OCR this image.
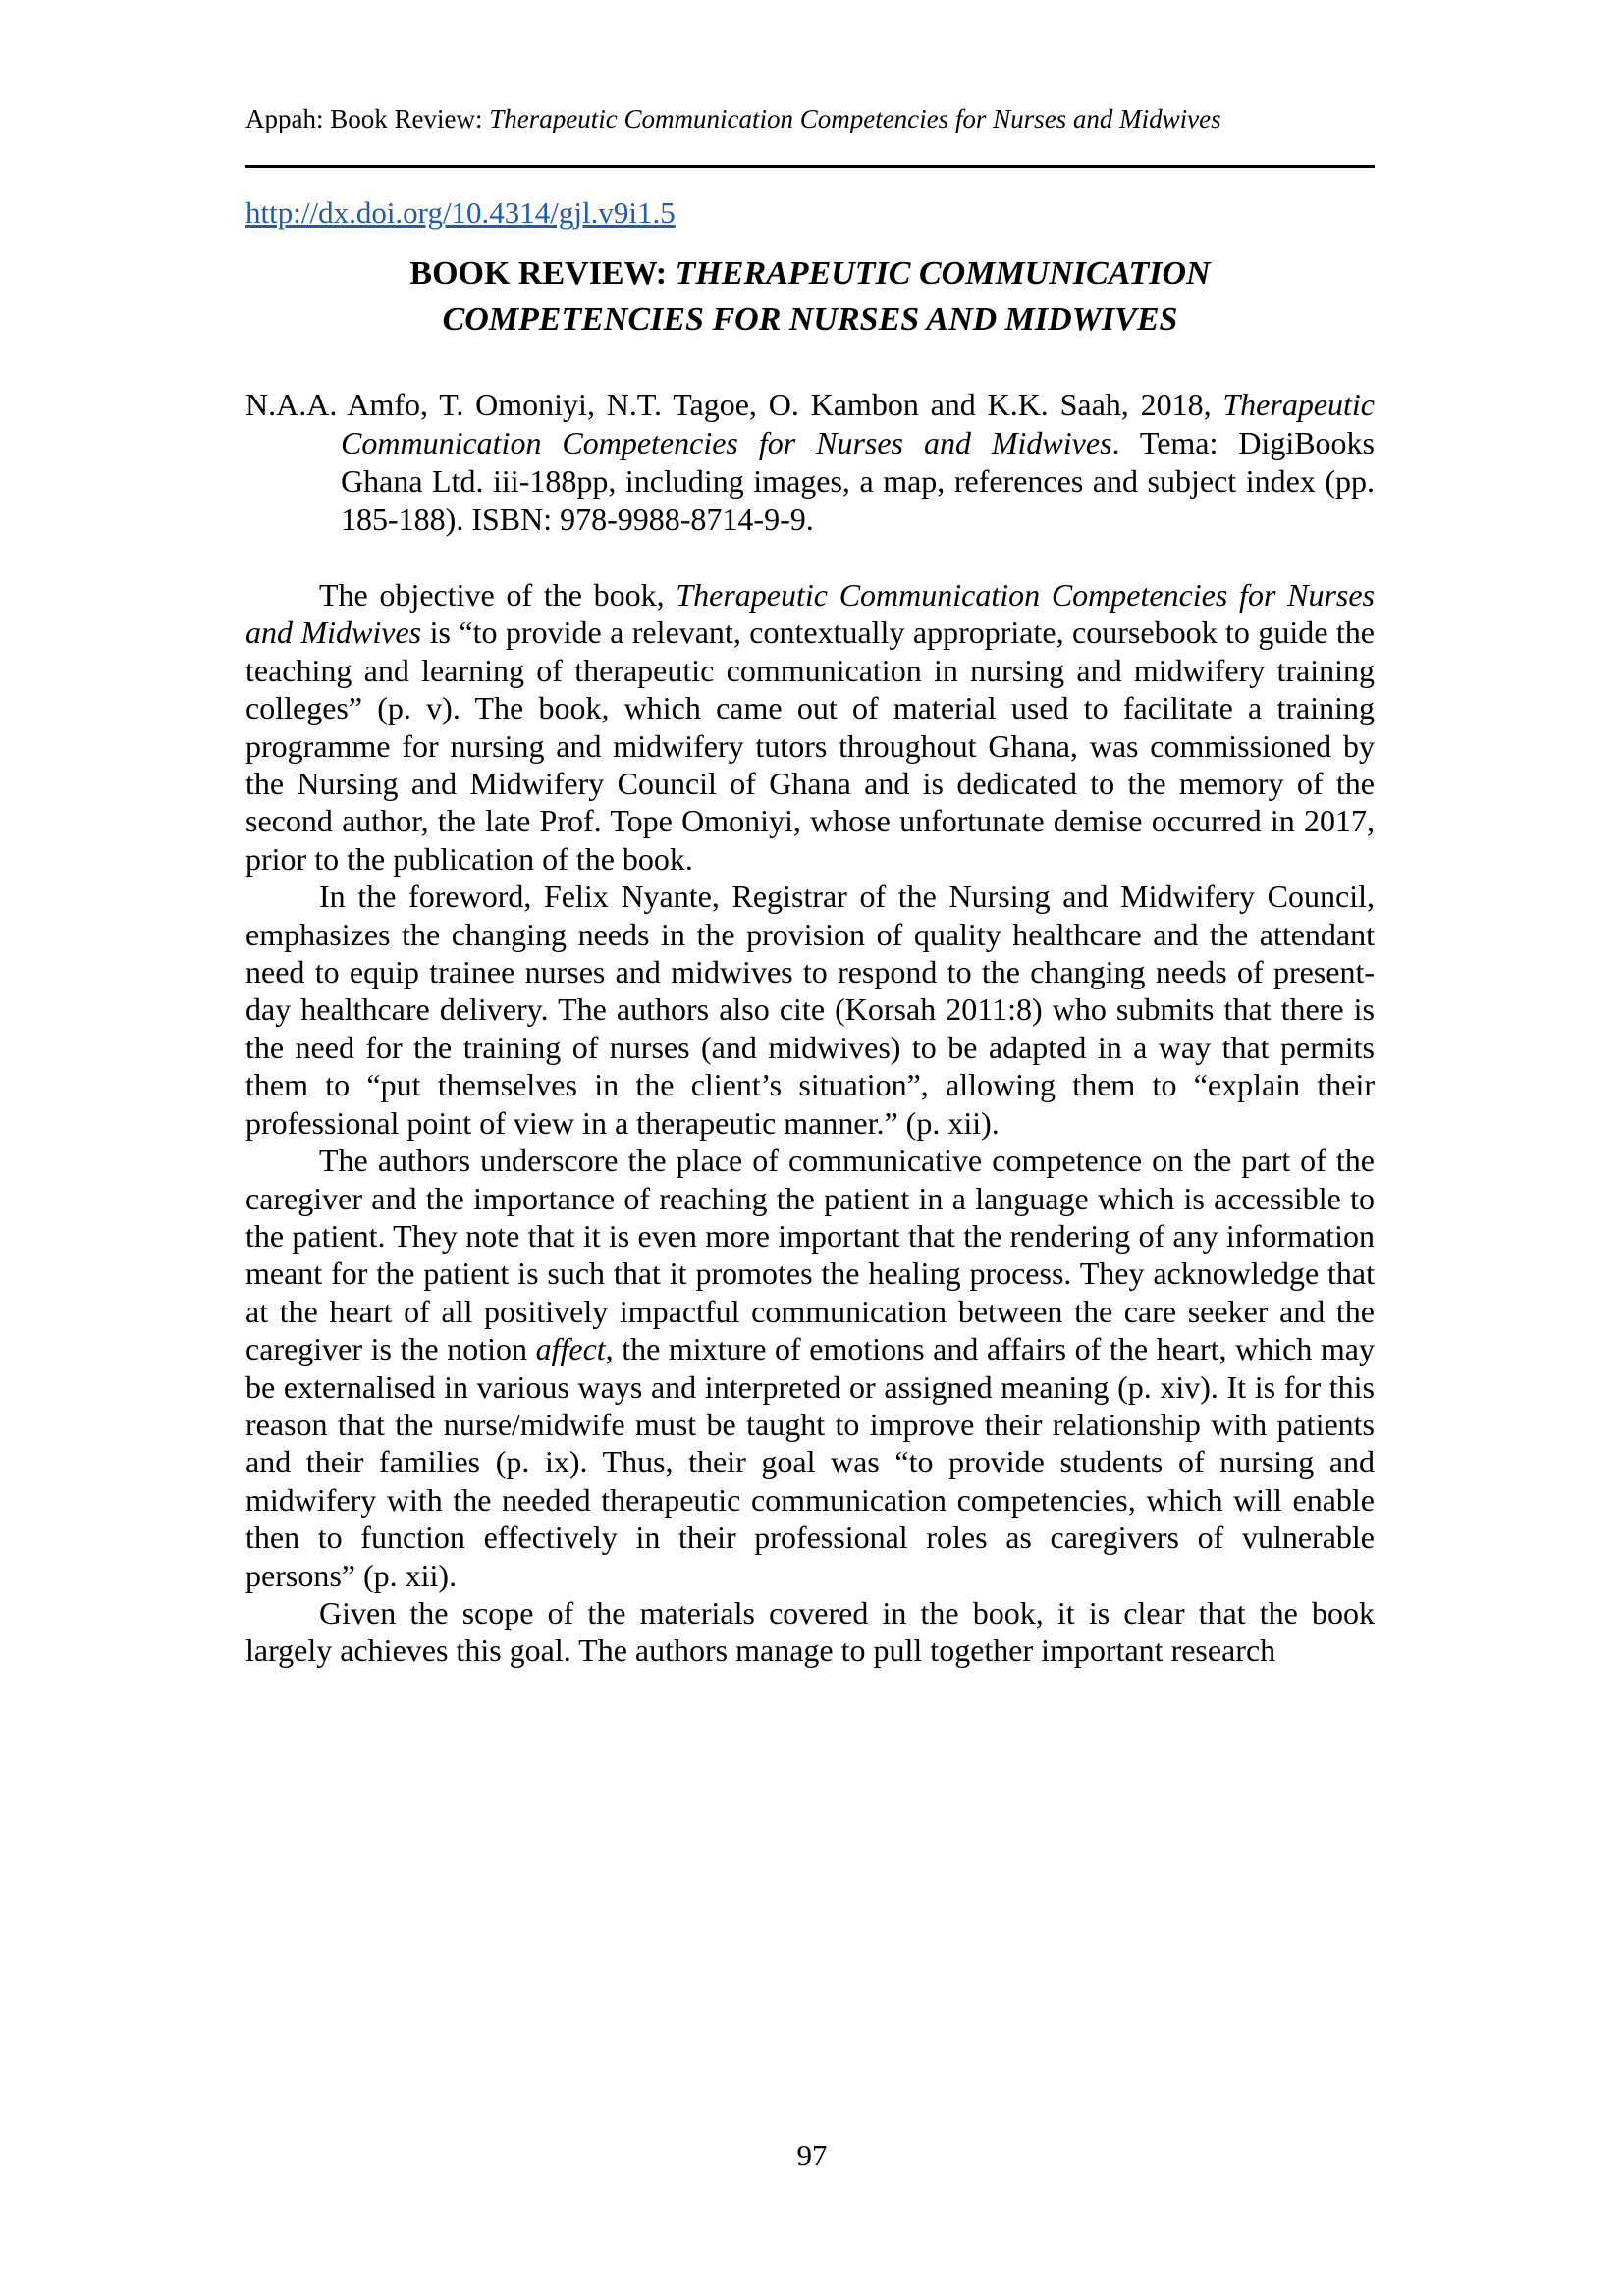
Appah: Book Review: Therapeutic Communication Competencies for Nurses and Midwives
http://dx.doi.org/10.4314/gjl.v9i1.5
BOOK REVIEW: THERAPEUTIC COMMUNICATION COMPETENCIES FOR NURSES AND MIDWIVES
N.A.A. Amfo, T. Omoniyi, N.T. Tagoe, O. Kambon and K.K. Saah, 2018, Therapeutic Communication Competencies for Nurses and Midwives. Tema: DigiBooks Ghana Ltd. iii-188pp, including images, a map, references and subject index (pp. 185-188). ISBN: 978-9988-8714-9-9.

The objective of the book, Therapeutic Communication Competencies for Nurses and Midwives is “to provide a relevant, contextually appropriate, coursebook to guide the teaching and learning of therapeutic communication in nursing and midwifery training colleges” (p. v). The book, which came out of material used to facilitate a training programme for nursing and midwifery tutors throughout Ghana, was commissioned by the Nursing and Midwifery Council of Ghana and is dedicated to the memory of the second author, the late Prof. Tope Omoniyi, whose unfortunate demise occurred in 2017, prior to the publication of the book.

In the foreword, Felix Nyante, Registrar of the Nursing and Midwifery Council, emphasizes the changing needs in the provision of quality healthcare and the attendant need to equip trainee nurses and midwives to respond to the changing needs of present-day healthcare delivery. The authors also cite (Korsah 2011:8) who submits that there is the need for the training of nurses (and midwives) to be adapted in a way that permits them to “put themselves in the client’s situation”, allowing them to “explain their professional point of view in a therapeutic manner.” (p. xii).

The authors underscore the place of communicative competence on the part of the caregiver and the importance of reaching the patient in a language which is accessible to the patient. They note that it is even more important that the rendering of any information meant for the patient is such that it promotes the healing process. They acknowledge that at the heart of all positively impactful communication between the care seeker and the caregiver is the notion affect, the mixture of emotions and affairs of the heart, which may be externalised in various ways and interpreted or assigned meaning (p. xiv). It is for this reason that the nurse/midwife must be taught to improve their relationship with patients and their families (p. ix). Thus, their goal was “to provide students of nursing and midwifery with the needed therapeutic communication competencies, which will enable then to function effectively in their professional roles as caregivers of vulnerable persons” (p. xii).

Given the scope of the materials covered in the book, it is clear that the book largely achieves this goal. The authors manage to pull together important research

97
